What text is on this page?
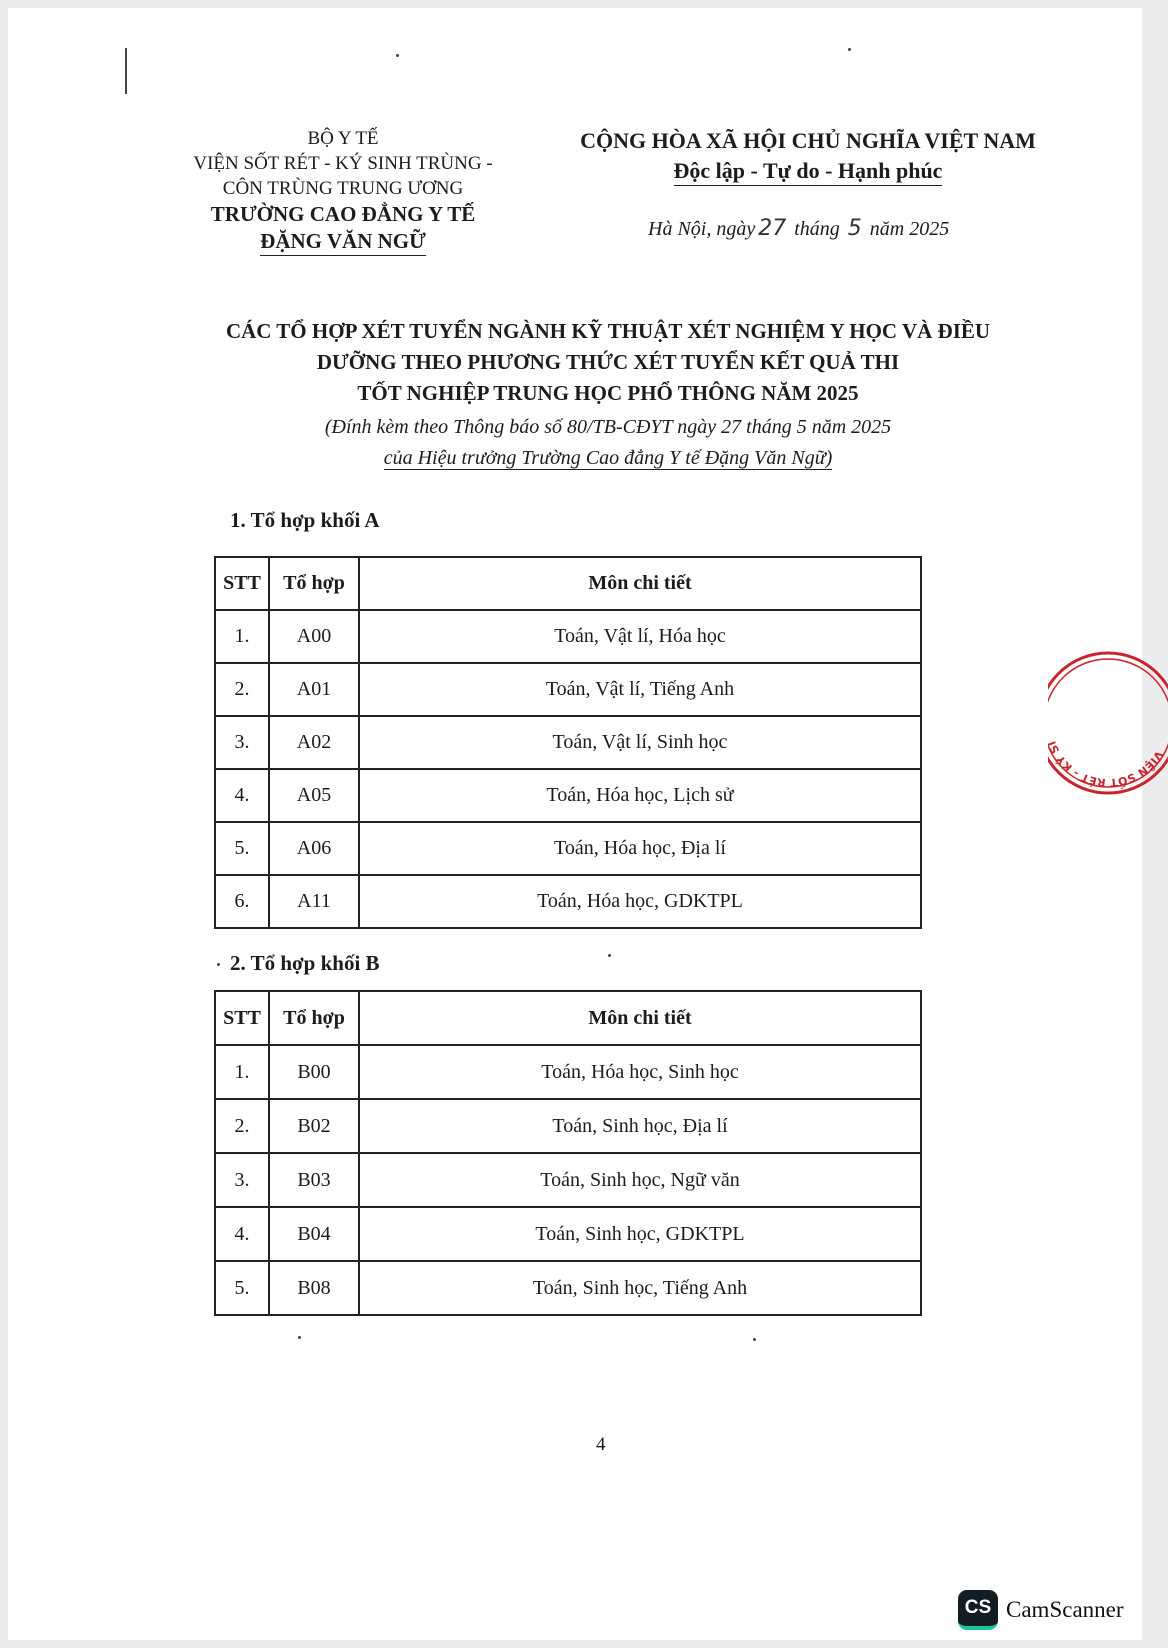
BỘ Y TẾ
VIỆN SỐT RÉT - KÝ SINH TRÙNG -
CÔN TRÙNG TRUNG ƯƠNG
TRƯỜNG CAO ĐẲNG Y TẾ
ĐẶNG VĂN NGỮ
CỘNG HÒA XÃ HỘI CHỦ NGHĨA VIỆT NAM
Độc lập - Tự do - Hạnh phúc
Hà Nội, ngày 27 tháng 5 năm 2025
CÁC TỔ HỢP XÉT TUYỂN NGÀNH KỸ THUẬT XÉT NGHIỆM Y HỌC VÀ ĐIỀU
DƯỠNG THEO PHƯƠNG THỨC XÉT TUYỂN KẾT QUẢ THI
TỐT NGHIỆP TRUNG HỌC PHỔ THÔNG NĂM 2025
(Đính kèm theo Thông báo số 80/TB-CĐYT ngày 27 tháng 5 năm 2025
của Hiệu trưởng Trường Cao đẳng Y tế Đặng Văn Ngữ)
1. Tổ hợp khối A
STT	Tổ hợp	Môn chi tiết
1.	A00	Toán, Vật lí, Hóa học
2.	A01	Toán, Vật lí, Tiếng Anh
3.	A02	Toán, Vật lí, Sinh học
4.	A05	Toán, Hóa học, Lịch sử
5.	A06	Toán, Hóa học, Địa lí
6.	A11	Toán, Hóa học, GDKTPL
2. Tổ hợp khối B
STT	Tổ hợp	Môn chi tiết
1.	B00	Toán, Hóa học, Sinh học
2.	B02	Toán, Sinh học, Địa lí
3.	B03	Toán, Sinh học, Ngữ văn
4.	B04	Toán, Sinh học, GDKTPL
5.	B08	Toán, Sinh học, Tiếng Anh
4
VIỆN SỐT RÉT - KÝ S
CS CamScanner
